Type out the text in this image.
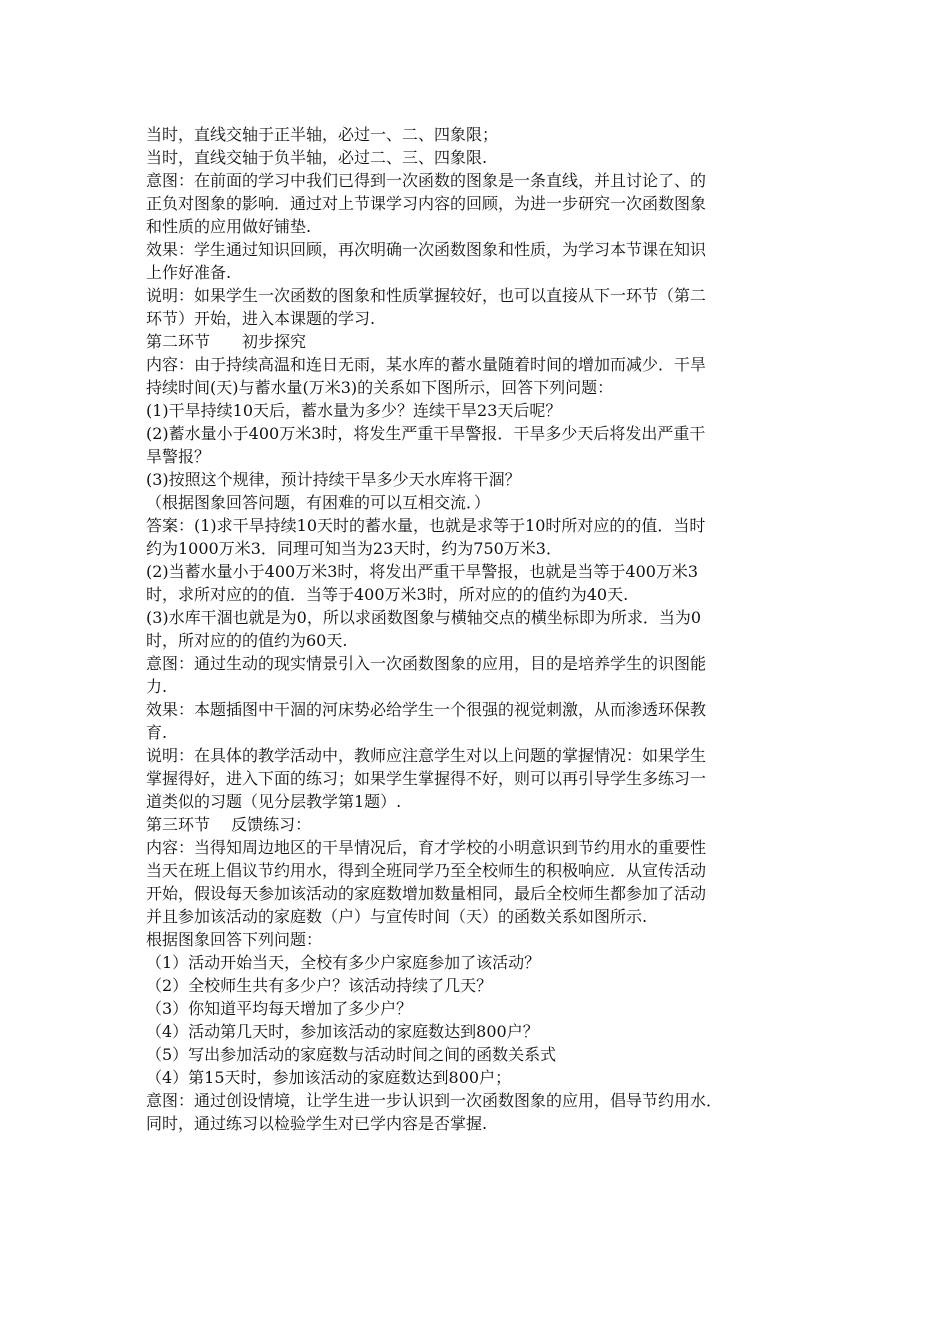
当时，直线交轴于正半轴，必过一、二、四象限；
当时，直线交轴于负半轴，必过二、三、四象限.
意图：在前面的学习中我们已得到一次函数的图象是一条直线，并且讨论了、的
正负对图象的影响．通过对上节课学习内容的回顾，为进一步研究一次函数图象
和性质的应用做好铺垫.
效果：学生通过知识回顾，再次明确一次函数图象和性质，为学习本节课在知识
上作好准备.
说明：如果学生一次函数的图象和性质掌握较好，也可以直接从下一环节（第二
环节）开始，进入本课题的学习.
第二环节　　初步探究
内容：由于持续高温和连日无雨，某水库的蓄水量随着时间的增加而减少．干旱
持续时间(天)与蓄水量(万米3)的关系如下图所示，回答下列问题：
(1)干旱持续10天后，蓄水量为多少？连续干旱23天后呢？
(2)蓄水量小于400万米3时，将发生严重干旱警报．干旱多少天后将发出严重干
旱警报？
(3)按照这个规律，预计持续干旱多少天水库将干涸？
（根据图象回答问题，有困难的可以互相交流．）
答案：(1)求干旱持续10天时的蓄水量，也就是求等于10时所对应的的值．当时
约为1000万米3．同理可知当为23天时，约为750万米3．
(2)当蓄水量小于400万米3时，将发出严重干旱警报，也就是当等于400万米3
时，求所对应的的值．当等于400万米3时，所对应的的值约为40天.
(3)水库干涸也就是为0，所以求函数图象与横轴交点的横坐标即为所求．当为0
时，所对应的的值约为60天.
意图：通过生动的现实情景引入一次函数图象的应用，目的是培养学生的识图能
力.
效果：本题插图中干涸的河床势必给学生一个很强的视觉刺激，从而渗透环保教
育.
说明：在具体的教学活动中，教师应注意学生对以上问题的掌握情况：如果学生
掌握得好，进入下面的练习；如果学生掌握得不好，则可以再引导学生多练习一
道类似的习题（见分层教学第1题）.
第三环节　 反馈练习：
内容：当得知周边地区的干旱情况后，育才学校的小明意识到节约用水的重要性
当天在班上倡议节约用水，得到全班同学乃至全校师生的积极响应．从宣传活动
开始，假设每天参加该活动的家庭数增加数量相同，最后全校师生都参加了活动
并且参加该活动的家庭数（户）与宣传时间（天）的函数关系如图所示.
根据图象回答下列问题：
（1）活动开始当天，全校有多少户家庭参加了该活动？
（2）全校师生共有多少户？该活动持续了几天？
（3）你知道平均每天增加了多少户？
（4）活动第几天时，参加该活动的家庭数达到800户？
（5）写出参加活动的家庭数与活动时间之间的函数关系式
（4）第15天时，参加该活动的家庭数达到800户；
意图：通过创设情境，让学生进一步认识到一次函数图象的应用，倡导节约用水．
同时，通过练习以检验学生对已学内容是否掌握.
